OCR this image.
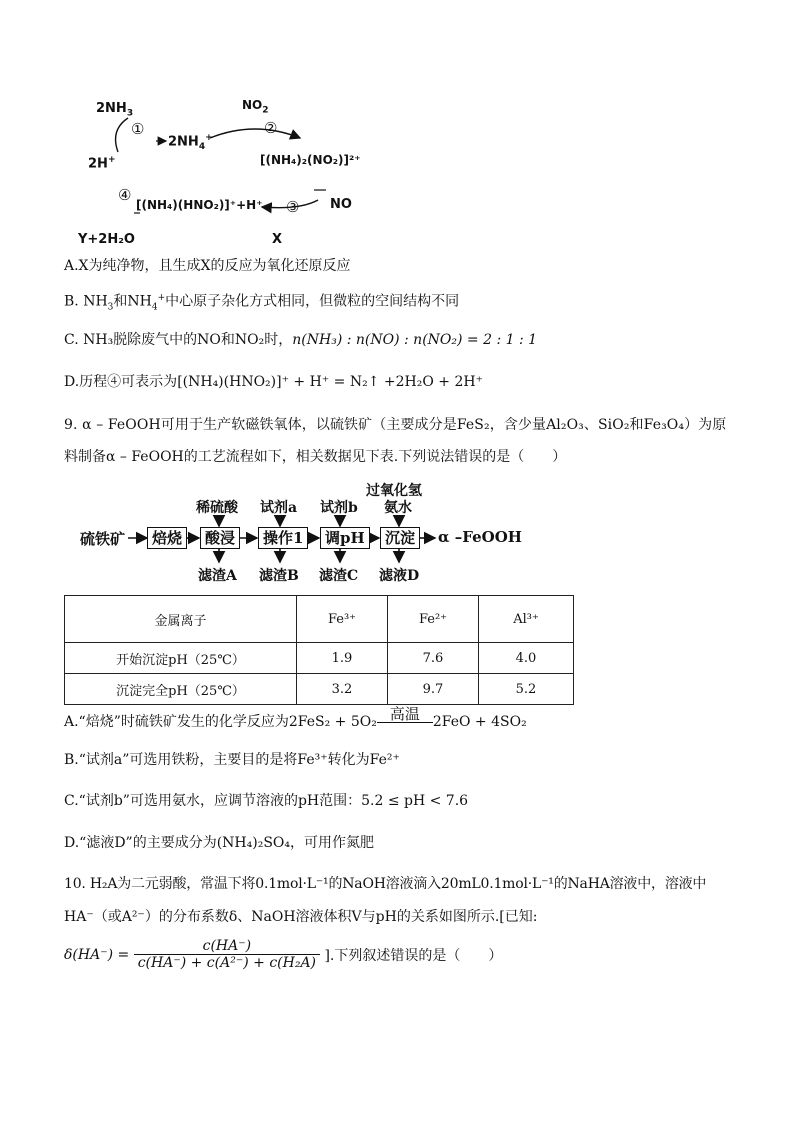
$2NH_3$
①
2H+
$2NH_4^+$
$NO_2$
②
[(NH₄)₂(NO₂)]²⁺
④
[(NH₄)(HNO₂)]⁺+H⁺ ③ NO
Y+2H₂O	X
A.X为纯净物，且生成X的反应为氧化还原反应
B. $NH_3$和$NH_4^+$中心原子杂化方式相同，但微粒的空间结构不同
C. NH₃脱除废气中的NO和NO₂时，n(NH₃) : n(NO) : n(NO₂) = 2 : 1 : 1
D.历程④可表示为[(NH₄)(HNO₂)]⁺ + H⁺ = N₂↑ +2H₂O + 2H⁺
9. α – FeOOH可用于生产软磁铁氧体，以硫铁矿（主要成分是FeS₂，含少量Al₂O₃、SiO₂和Fe₃O₄）为原
料制备α – FeOOH的工艺流程如下，相关数据见下表.下列说法错误的是（　　）
硫铁矿	焙烧	酸浸	操作1	调pH	沉淀	α –FeOOH
稀硫酸 试剂a 试剂b
过氧化氢
氨水
滤渣A 滤渣B 滤渣C 滤液D
金属离子	Fe³⁺	Fe²⁺	Al³⁺
开始沉淀pH（25℃）	1.9	7.6	4.0
沉淀完全pH（25℃）	3.2	9.7	5.2
A.“焙烧”时硫铁矿发生的化学反应为2FeS₂ + 5O₂ 高温 2FeO + 4SO₂
B.“试剂a”可选用铁粉，主要目的是将Fe³⁺转化为Fe²⁺
C.“试剂b”可选用氨水，应调节溶液的pH范围：5.2 ≤ pH < 7.6
D.“滤液D”的主要成分为(NH₄)₂SO₄，可用作氮肥
10. H₂A为二元弱酸，常温下将0.1mol·L⁻¹的NaOH溶液滴入20mL0.1mol·L⁻¹的NaHA溶液中，溶液中
HA⁻（或A²⁻）的分布系数δ、NaOH溶液体积V与pH的关系如图所示.[已知:
$\delta(HA^-) = \frac{c(HA^-)}{\text{c(HA⁻) + c(A²⁻) + c(H₂A)}}$ ].下列叙述错误的是（　　）
